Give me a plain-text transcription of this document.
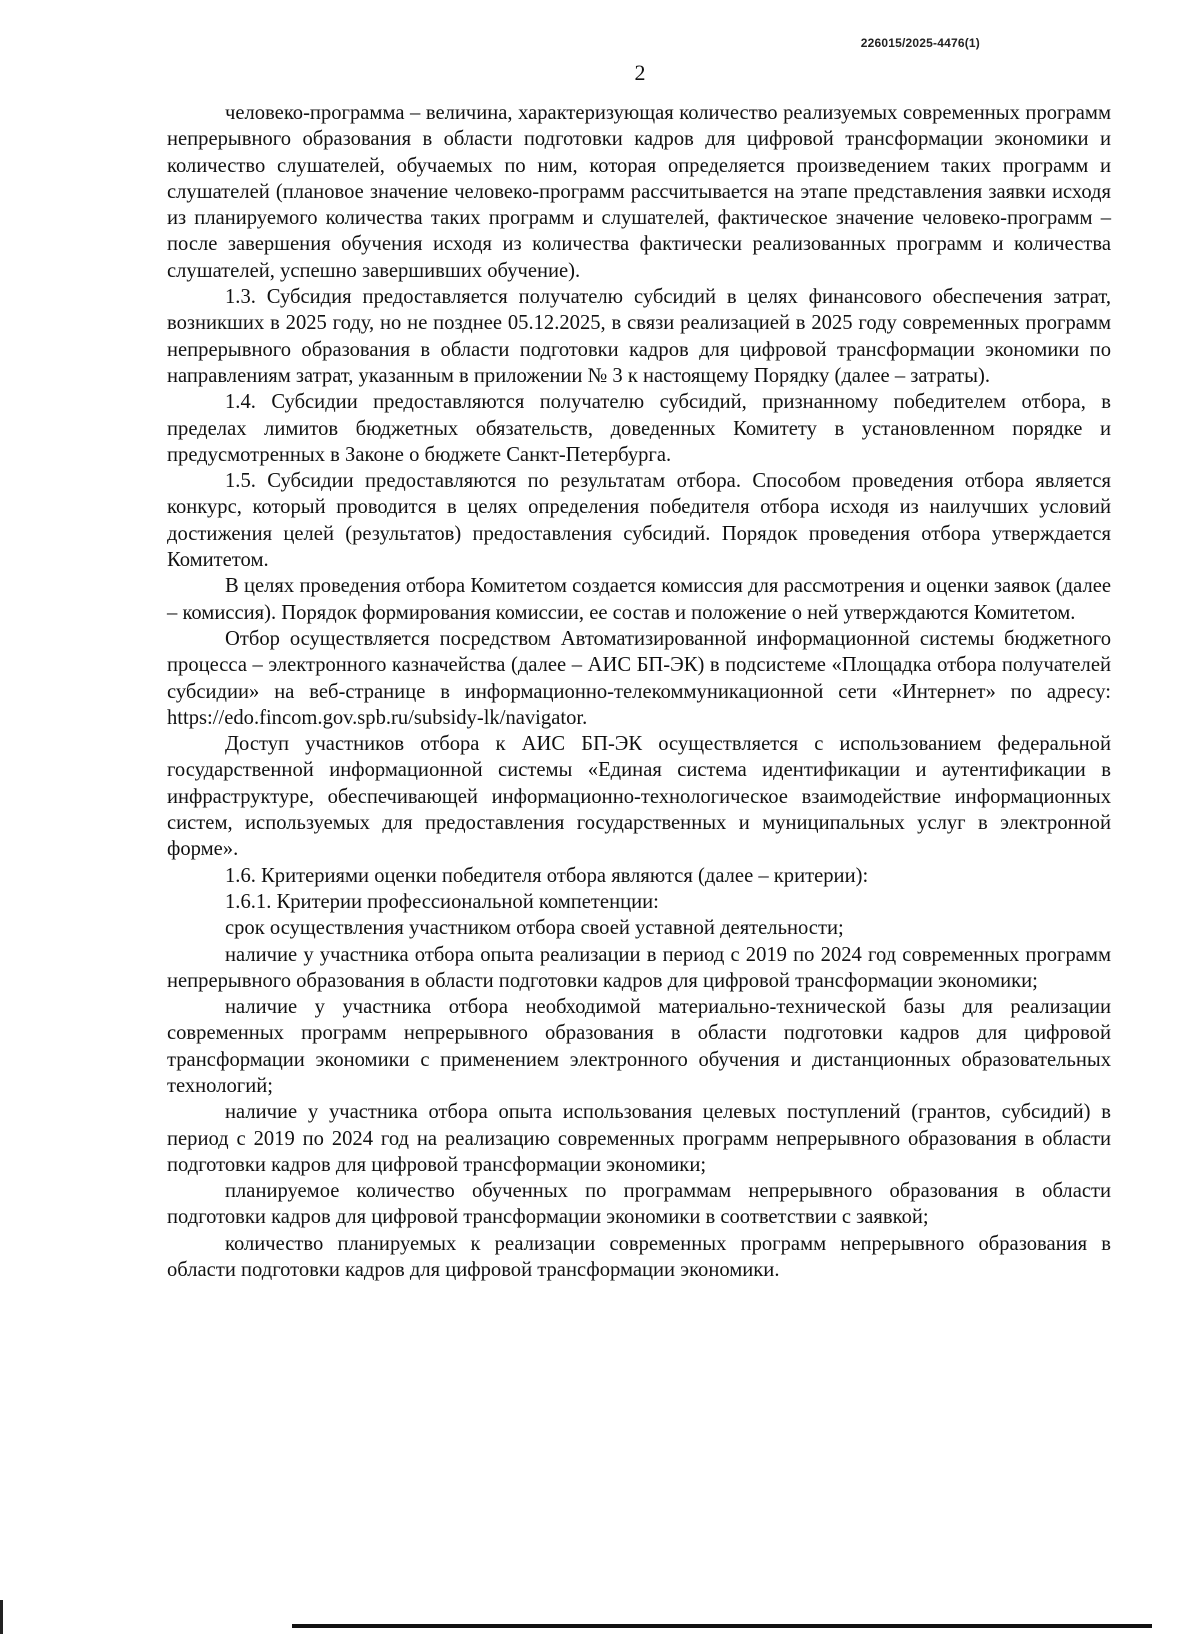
226015/2025-4476(1)
2

человеко-программа – величина, характеризующая количество реализуемых современных программ непрерывного образования в области подготовки кадров для цифровой трансформации экономики и количество слушателей, обучаемых по ним, которая определяется произведением таких программ и слушателей (плановое значение человеко-программ рассчитывается на этапе представления заявки исходя из планируемого количества таких программ и слушателей, фактическое значение человеко-программ – после завершения обучения исходя из количества фактически реализованных программ и количества слушателей, успешно завершивших обучение).

1.3. Субсидия предоставляется получателю субсидий в целях финансового обеспечения затрат, возникших в 2025 году, но не позднее 05.12.2025, в связи реализацией в 2025 году современных программ непрерывного образования в области подготовки кадров для цифровой трансформации экономики по направлениям затрат, указанным в приложении № 3 к настоящему Порядку (далее – затраты).

1.4. Субсидии предоставляются получателю субсидий, признанному победителем отбора, в пределах лимитов бюджетных обязательств, доведенных Комитету в установленном порядке и предусмотренных в Законе о бюджете Санкт-Петербурга.

1.5. Субсидии предоставляются по результатам отбора. Способом проведения отбора является конкурс, который проводится в целях определения победителя отбора исходя из наилучших условий достижения целей (результатов) предоставления субсидий. Порядок проведения отбора утверждается Комитетом.

В целях проведения отбора Комитетом создается комиссия для рассмотрения и оценки заявок (далее – комиссия). Порядок формирования комиссии, ее состав и положение о ней утверждаются Комитетом.

Отбор осуществляется посредством Автоматизированной информационной системы бюджетного процесса – электронного казначейства (далее – АИС БП-ЭК) в подсистеме «Площадка отбора получателей субсидии» на веб-странице в информационно-телекоммуникационной сети «Интернет» по адресу: https://edo.fincom.gov.spb.ru/subsidy-lk/navigator.

Доступ участников отбора к АИС БП-ЭК осуществляется с использованием федеральной государственной информационной системы «Единая система идентификации и аутентификации в инфраструктуре, обеспечивающей информационно-технологическое взаимодействие информационных систем, используемых для предоставления государственных и муниципальных услуг в электронной форме».

1.6. Критериями оценки победителя отбора являются (далее – критерии):

1.6.1. Критерии профессиональной компетенции:

срок осуществления участником отбора своей уставной деятельности;

наличие у участника отбора опыта реализации в период с 2019 по 2024 год современных программ непрерывного образования в области подготовки кадров для цифровой трансформации экономики;

наличие у участника отбора необходимой материально-технической базы для реализации современных программ непрерывного образования в области подготовки кадров для цифровой трансформации экономики с применением электронного обучения и дистанционных образовательных технологий;

наличие у участника отбора опыта использования целевых поступлений (грантов, субсидий) в период с 2019 по 2024 год на реализацию современных программ непрерывного образования в области подготовки кадров для цифровой трансформации экономики;

планируемое количество обученных по программам непрерывного образования в области подготовки кадров для цифровой трансформации экономики в соответствии с заявкой;

количество планируемых к реализации современных программ непрерывного образования в области подготовки кадров для цифровой трансформации экономики.
